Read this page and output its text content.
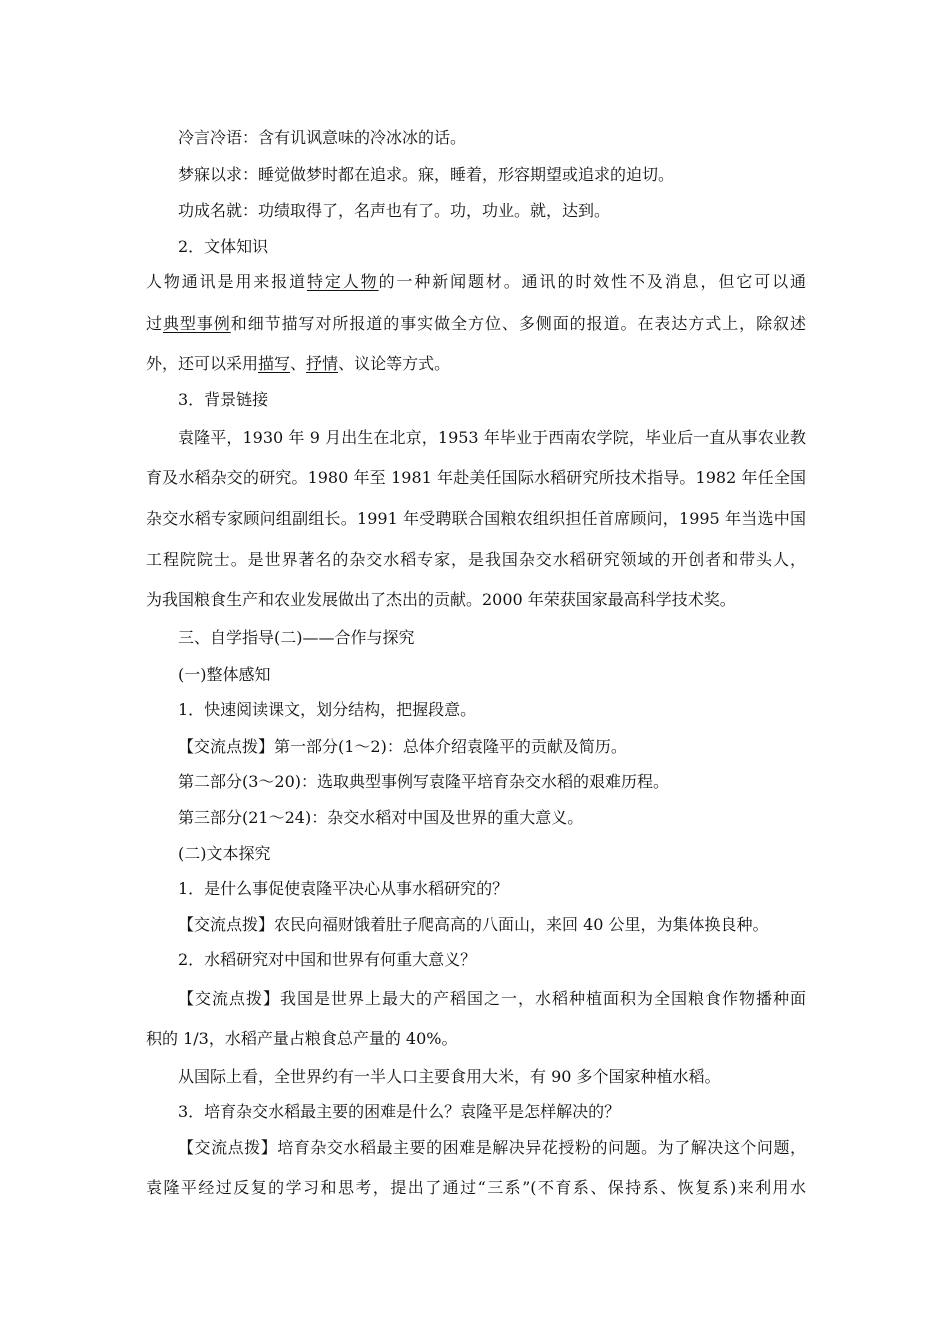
冷言冷语：含有讥讽意味的冷冰冰的话。
梦寐以求：睡觉做梦时都在追求。寐，睡着，形容期望或追求的迫切。
功成名就：功绩取得了，名声也有了。功，功业。就，达到。
2．文体知识
人物通讯是用来报道特定人物的一种新闻题材。通讯的时效性不及消息，但它可以通
过典型事例和细节描写对所报道的事实做全方位、多侧面的报道。在表达方式上，除叙述
外，还可以采用描写、抒情、议论等方式。
3．背景链接
袁隆平，1930 年 9 月出生在北京，1953 年毕业于西南农学院，毕业后一直从事农业教
育及水稻杂交的研究。1980 年至 1981 年赴美任国际水稻研究所技术指导。1982 年任全国
杂交水稻专家顾问组副组长。1991 年受聘联合国粮农组织担任首席顾问，1995 年当选中国
工程院院士。是世界著名的杂交水稻专家，是我国杂交水稻研究领域的开创者和带头人，
为我国粮食生产和农业发展做出了杰出的贡献。2000 年荣获国家最高科学技术奖。
三、自学指导(二)——合作与探究
(一)整体感知
1．快速阅读课文，划分结构，把握段意。
【交流点拨】第一部分(1～2)：总体介绍袁隆平的贡献及简历。
第二部分(3～20)：选取典型事例写袁隆平培育杂交水稻的艰难历程。
第三部分(21～24)：杂交水稻对中国及世界的重大意义。
(二)文本探究
1．是什么事促使袁隆平决心从事水稻研究的？
【交流点拨】农民向福财饿着肚子爬高高的八面山，来回 40 公里，为集体换良种。
2．水稻研究对中国和世界有何重大意义？
【交流点拨】我国是世界上最大的产稻国之一，水稻种植面积为全国粮食作物播种面
积的 1/3，水稻产量占粮食总产量的 40%。
从国际上看，全世界约有一半人口主要食用大米，有 90 多个国家种植水稻。
3．培育杂交水稻最主要的困难是什么？袁隆平是怎样解决的？
【交流点拨】培育杂交水稻最主要的困难是解决异花授粉的问题。为了解决这个问题，
袁隆平经过反复的学习和思考，提出了通过“三系”(不育系、保持系、恢复系)来利用水
